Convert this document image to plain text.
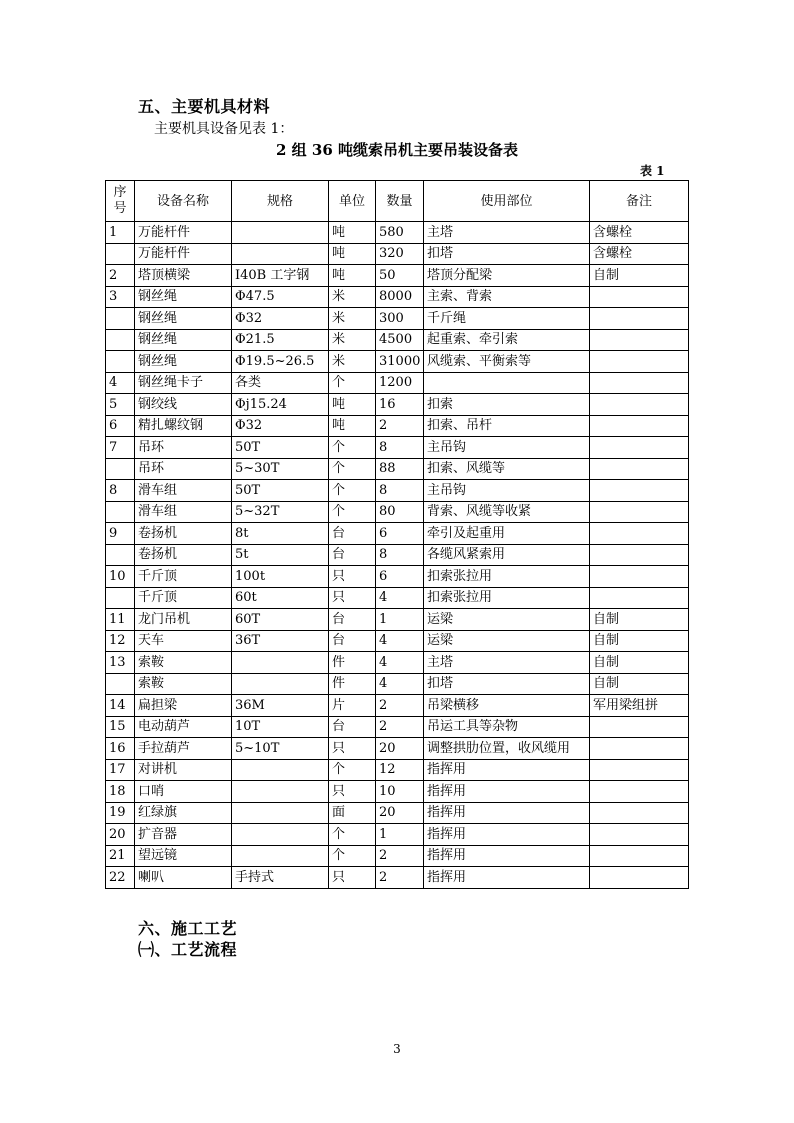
五、主要机具材料
主要机具设备见表 1：
2 组 36 吨缆索吊机主要吊装设备表
表 1
序
号	设备名称	规格	单位	数量	使用部位	备注
1	万能杆件		吨	580	主塔	含螺栓
	万能杆件		吨	320	扣塔	含螺栓
2	塔顶横梁	I40B 工字钢	吨	50	塔顶分配梁	自制
3	钢丝绳	Φ47.5	米	8000	主索、背索	
	钢丝绳	Φ32	米	300	千斤绳	
	钢丝绳	Φ21.5	米	4500	起重索、牵引索	
	钢丝绳	Φ19.5~26.5	米	31000	风缆索、平衡索等	
4	钢丝绳卡子	各类	个	1200		
5	钢绞线	Φj15.24	吨	16	扣索	
6	精扎螺纹钢	Φ32	吨	2	扣索、吊杆	
7	吊环	50T	个	8	主吊钩	
	吊环	5~30T	个	88	扣索、风缆等	
8	滑车组	50T	个	8	主吊钩	
	滑车组	5~32T	个	80	背索、风缆等收紧	
9	卷扬机	8t	台	6	牵引及起重用	
	卷扬机	5t	台	8	各缆风紧索用	
10	千斤顶	100t	只	6	扣索张拉用	
	千斤顶	60t	只	4	扣索张拉用	
11	龙门吊机	60T	台	1	运梁	自制
12	天车	36T	台	4	运梁	自制
13	索鞍		件	4	主塔	自制
	索鞍		件	4	扣塔	自制
14	扁担梁	36M	片	2	吊梁横移	军用梁组拼
15	电动葫芦	10T	台	2	吊运工具等杂物	
16	手拉葫芦	5~10T	只	20	调整拱肋位置，收风缆用	
17	对讲机		个	12	指挥用	
18	口哨		只	10	指挥用	
19	红绿旗		面	20	指挥用	
20	扩音器		个	1	指挥用	
21	望远镜		个	2	指挥用	
22	喇叭	手持式	只	2	指挥用	
六、施工工艺
㈠、工艺流程
3
